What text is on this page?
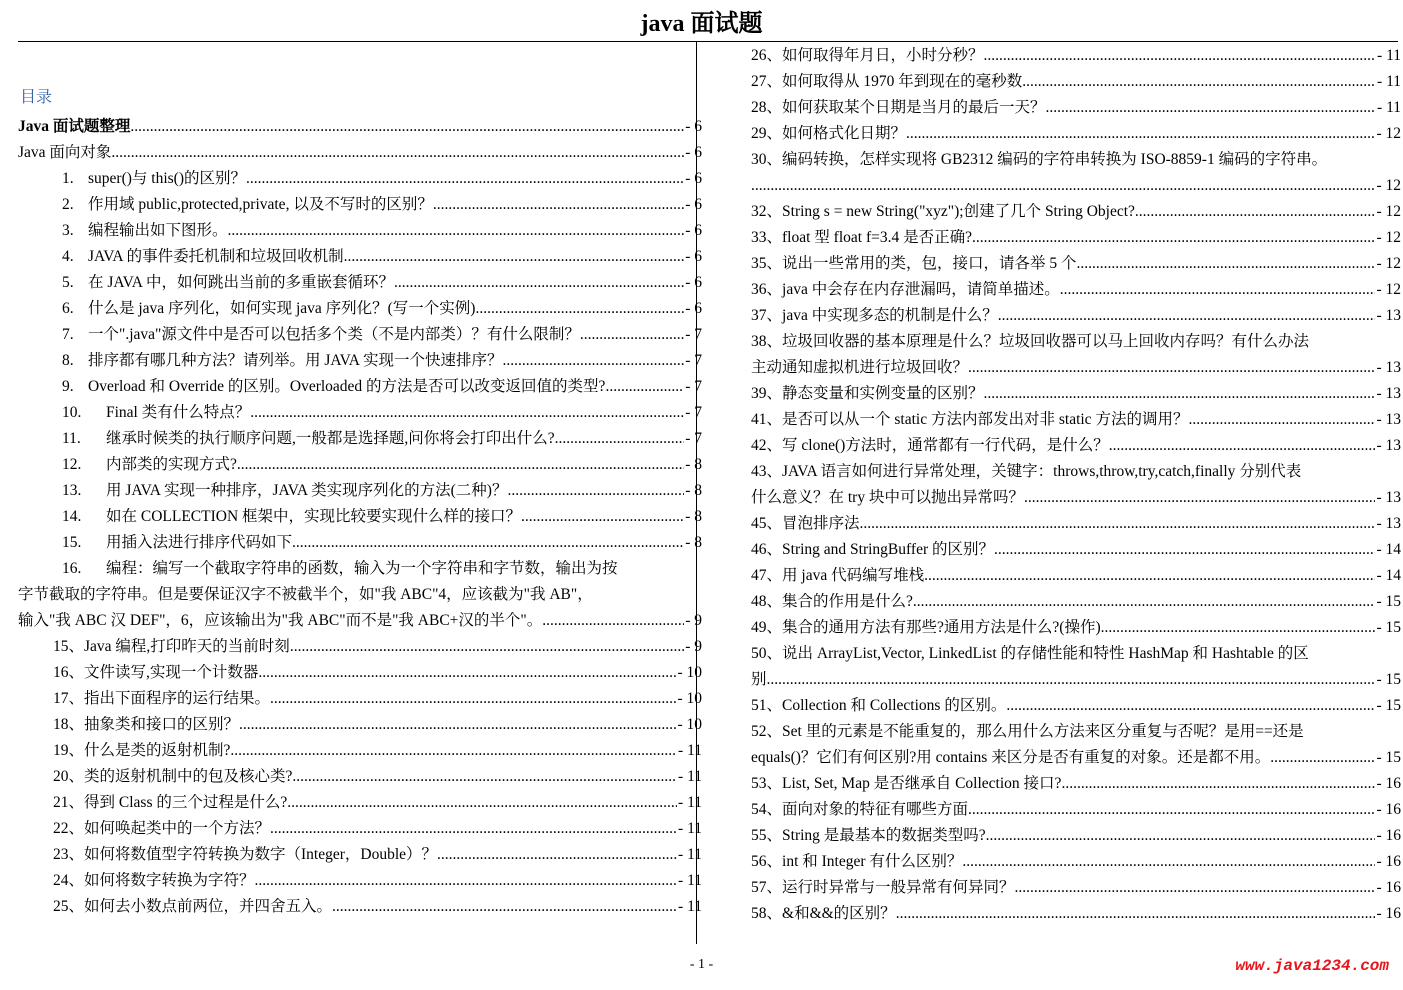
java 面试题
目录
Java 面试题整理 .....	- 6
Java 面向对象 .....	- 6
1. super()与 this()的区别？ .....	- 6
2. 作用域 public,protected,private, 以及不写时的区别？ .....	- 6
3. 编程输出如下图形。 .....	- 6
4. JAVA 的事件委托机制和垃圾回收机制 .....	- 6
5. 在 JAVA 中，如何跳出当前的多重嵌套循环？ .....	- 6
6. 什么是 java 序列化，如何实现 java 序列化？(写一个实例) .....	- 6
7. 一个".java"源文件中是否可以包括多个类（不是内部类）？有什么限制？ .....	- 7
8. 排序都有哪几种方法？请列举。用 JAVA 实现一个快速排序？ .....	- 7
9. Overload 和 Override 的区别。Overloaded 的方法是否可以改变返回值的类型? .....	- 7
10.	Final 类有什么特点？ .....	- 7
11.	继承时候类的执行顺序问题,一般都是选择题,问你将会打印出什么? .....	- 7
12.	内部类的实现方式? .....	- 8
13.	用 JAVA 实现一种排序，JAVA 类实现序列化的方法(二种)？ .....	- 8
14.	如在 COLLECTION 框架中，实现比较要实现什么样的接口？ .....	- 8
15.	用插入法进行排序代码如下 .....	- 8
16.	编程：编写一个截取字符串的函数，输入为一个字符串和字节数，输出为按
字节截取的字符串。但是要保证汉字不被截半个，如"我 ABC"4，应该截为"我 AB"，
输入"我 ABC 汉 DEF"，6，应该输出为"我 ABC"而不是"我 ABC+汉的半个"。 .....	- 9
15、 Java 编程,打印昨天的当前时刻 .....	- 9
16、 文件读写,实现一个计数器 .....	- 10
17、 指出下面程序的运行结果。 .....	- 10
18、 抽象类和接口的区别？ .....	- 10
19、 什么是类的返射机制? .....	- 11
20、 类的返射机制中的包及核心类? .....	- 11
21、 得到 Class 的三个过程是什么? .....	- 11
22、 如何唤起类中的一个方法？ .....	- 11
23、 如何将数值型字符转换为数字（Integer，Double）？ .....	- 11
24、 如何将数字转换为字符？ .....	- 11
25、 如何去小数点前两位，并四舍五入。 .....	- 11
26、 如何取得年月日，小时分秒？ .....	- 11
27、 如何取得从 1970 年到现在的毫秒数 .....	- 11
28、 如何获取某个日期是当月的最后一天？ .....	- 11
29、 如何格式化日期？ .....	- 12
30、 编码转换，怎样实现将 GB2312 编码的字符串转换为 ISO-8859-1 编码的字符串。
.....
- 12
32、 String s = new String("xyz");创建了几个 String Object? .....	- 12
33、 float 型 float f=3.4 是否正确? .....	- 12
35、 说出一些常用的类，包，接口，请各举 5 个 .....	- 12
36、 java 中会存在内存泄漏吗，请简单描述。 .....	- 12
37、 java 中实现多态的机制是什么？ .....	- 13
38、 垃圾回收器的基本原理是什么？垃圾回收器可以马上回收内存吗？有什么办法
主动通知虚拟机进行垃圾回收？ .....	- 13
39、 静态变量和实例变量的区别？ .....	- 13
41、 是否可以从一个 static 方法内部发出对非 static 方法的调用？ .....	- 13
42、 写 clone()方法时，通常都有一行代码，是什么？ .....	- 13
43、 JAVA 语言如何进行异常处理，关键字：throws,throw,try,catch,finally 分别代表
什么意义？在 try 块中可以抛出异常吗？ .....	- 13
45、 冒泡排序法 .....	- 13
46、 String and StringBuffer 的区别？ .....	- 14
47、 用 java 代码编写堆栈 .....	- 14
48、 集合的作用是什么? .....	- 15
49、 集合的通用方法有那些?通用方法是什么?(操作) .....	- 15
50、 说出 ArrayList,Vector, LinkedList 的存储性能和特性 HashMap 和 Hashtable 的区
别 .....	- 15
51、 Collection 和 Collections 的区别。 .....	- 15
52、 Set 里的元素是不能重复的，那么用什么方法来区分重复与否呢？是用==还是
equals()？它们有何区别?用 contains 来区分是否有重复的对象。还是都不用。 .....	- 15
53、 List, Set, Map 是否继承自 Collection 接口? .....	- 16
54、 面向对象的特征有哪些方面 .....	- 16
55、 String 是最基本的数据类型吗? .....	- 16
56、 int 和 Integer 有什么区别？ .....	- 16
57、 运行时异常与一般异常有何异同？ .....	- 16
58、 &和&&的区别？ .....	- 16
- 1 -	www.java1234.com
